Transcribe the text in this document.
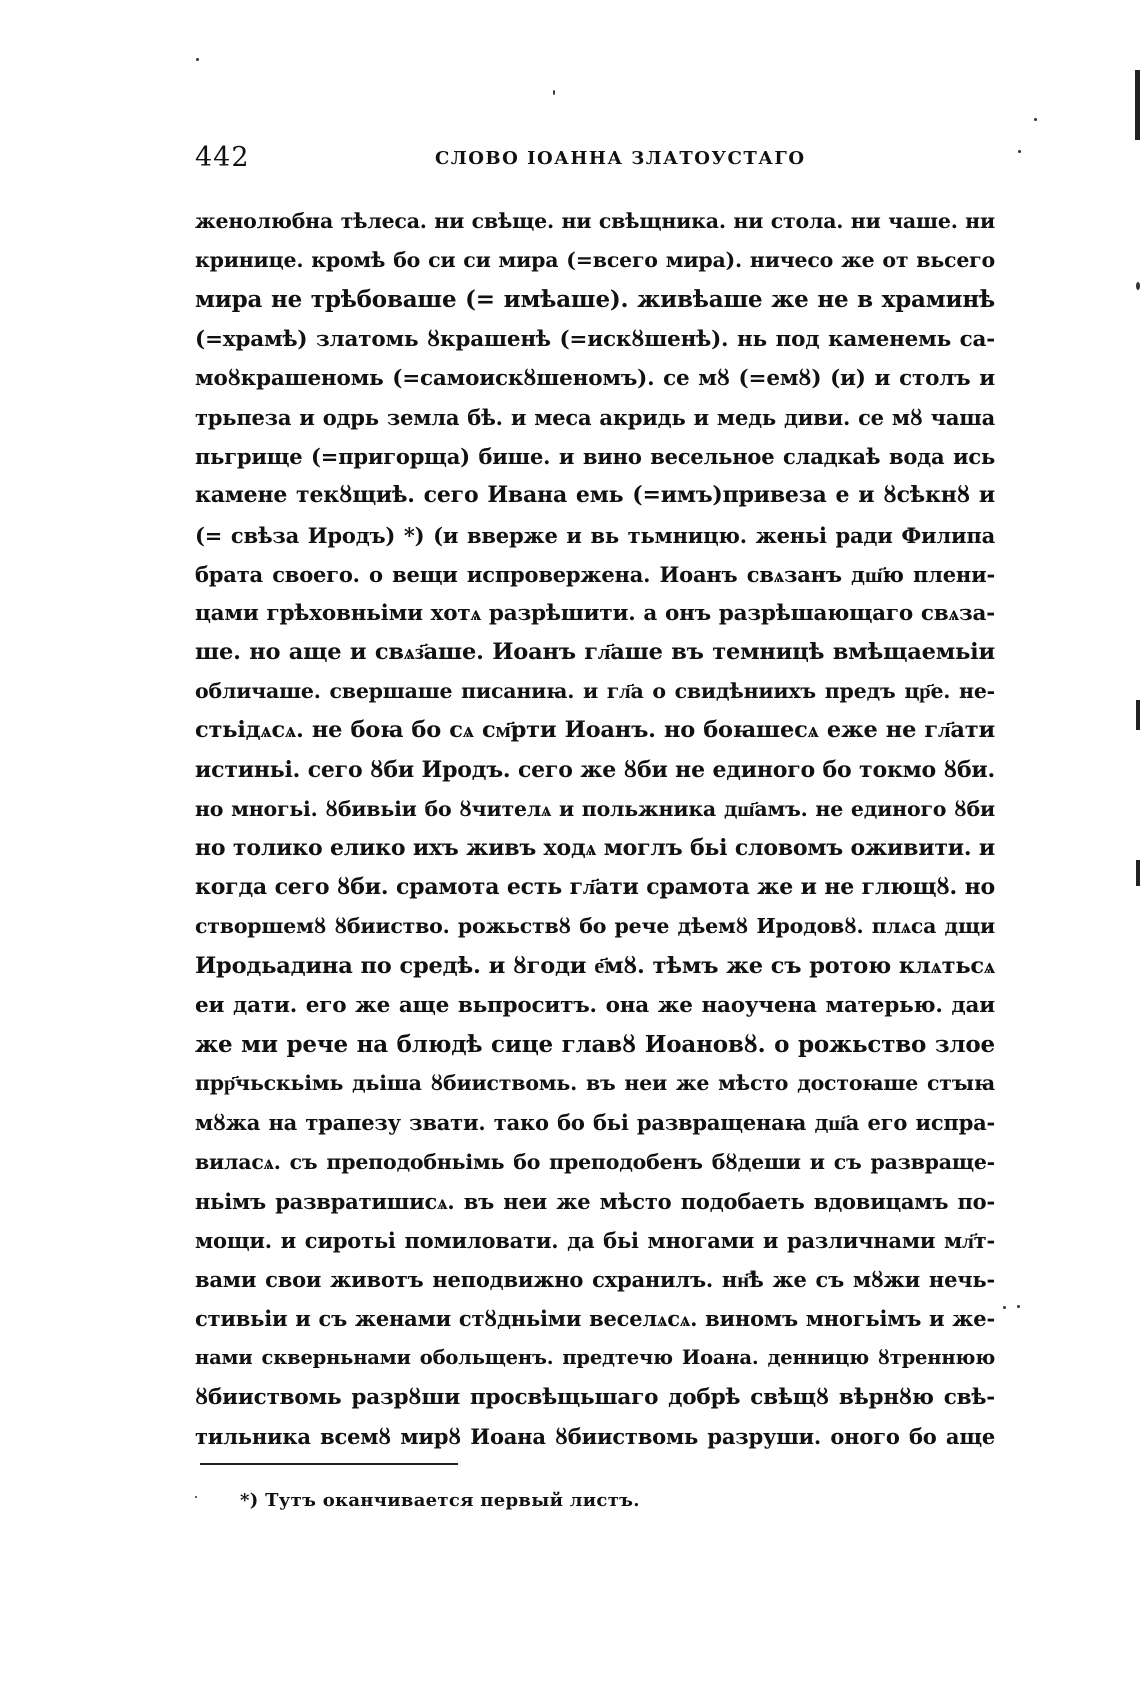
442	СЛОВО ІОАННА ЗЛАТОУСТАГО
женолюбна тѣлеса. ни свѣще. ни свѣщника. ни стола. ни чаше. ни
кринице. кромѣ бо си си мира (=всего мира). ничесо же от вьсего
мира не трѣбоваше (= имѣаше). живѣаше же не в храминѣ
(=храмѣ) златомь ȣкрашенѣ (=искȣшенѣ). нь под каменемь са-
моȣкрашеномь (=самоискȣшеномъ). се мȣ (=емȣ) (и) и столъ и
трьпеза и одрь земла бѣ. и меса акридь и медь диви. се мȣ чаша
пьгрище (=пригорща) бише. и вино весельное сладкаѣ вода ись
камене текȣщиѣ. сего Ивана емь (=имъ)привеза е и ȣсѣкнȣ и
(= свѣза Иродъ) *) (и вверже и вь тьмницю. женьі ради Филипа
брата своего. о вещи испровержена. Иоанъ свѧзанъ дш҃ю плени-
цами грѣховньіми хотѧ разрѣшити. а онъ разрѣшающаго свѧза-
ше. но аще и свѧз҃аше. Иоанъ гл҃аше въ темницѣ вмѣщаемьіи
обличаше. свершаше писаниꙗ. и гл҃а о свидѣниихъ предъ цр҃е. не-
стьідѧсѧ. не боꙗ бо сѧ см҃рти Иоанъ. но боꙗшесѧ еже не гл҃ати
истиньі. сего ȣби Иродъ. сего же ȣби не единого бо токмо ȣби.
но многьі. ȣбивьіи бо ȣчителѧ и польжника дш҃амъ. не единого ȣби
но толико елико ихъ живъ ходѧ моглъ бьі словомъ оживити. и
когда сего ȣби. срамота есть гл҃ати срамота же и не глющȣ. но
створшемȣ ȣбииство. рожьствȣ бо рече дѣемȣ Иродовȣ. плѧса дщи
Иродьадина по средѣ. и ȣгоди е҃мȣ. тѣмъ же съ ротою клѧтьсѧ
еи дати. его же аще вьпроситъ. она же наоучена матерью. даи
же ми рече на блюдѣ сице главȣ Иоановȣ. о рожьство злое
прр҃чьскьімь дьіша ȣбииствомь. въ неи же мѣсто достоꙗше стꙑꙗ
мȣжа на трапезу звати. тако бо бьі развращенаꙗ дш҃а его испра-
вилаcѧ. съ преподобньімь бо преподобенъ бȣдеши и съ развраще-
ньімъ развратишисѧ. въ неи же мѣсто подобаеть вдовицамъ по-
мощи. и сиротьі помиловати. да бьі многами и различнами мл҃т-
вами свои животъ неподвижно схранилъ. нн҃ѣ же съ мȣжи нечь-
стивьіи и съ женами стȣдньіми веселѧсѧ. виномъ многьімъ и же-
нами скверньнами обольщенъ. предтечю Иоана. денницю ȣтреннюю
ȣбииствомь разрȣши просвѣщьшаго добрѣ свѣщȣ вѣрнȣю свѣ-
тильника всемȣ мирȣ Иоана ȣбииствомь разруши. оного бо аще
*) Тутъ оканчивается первый листъ.
